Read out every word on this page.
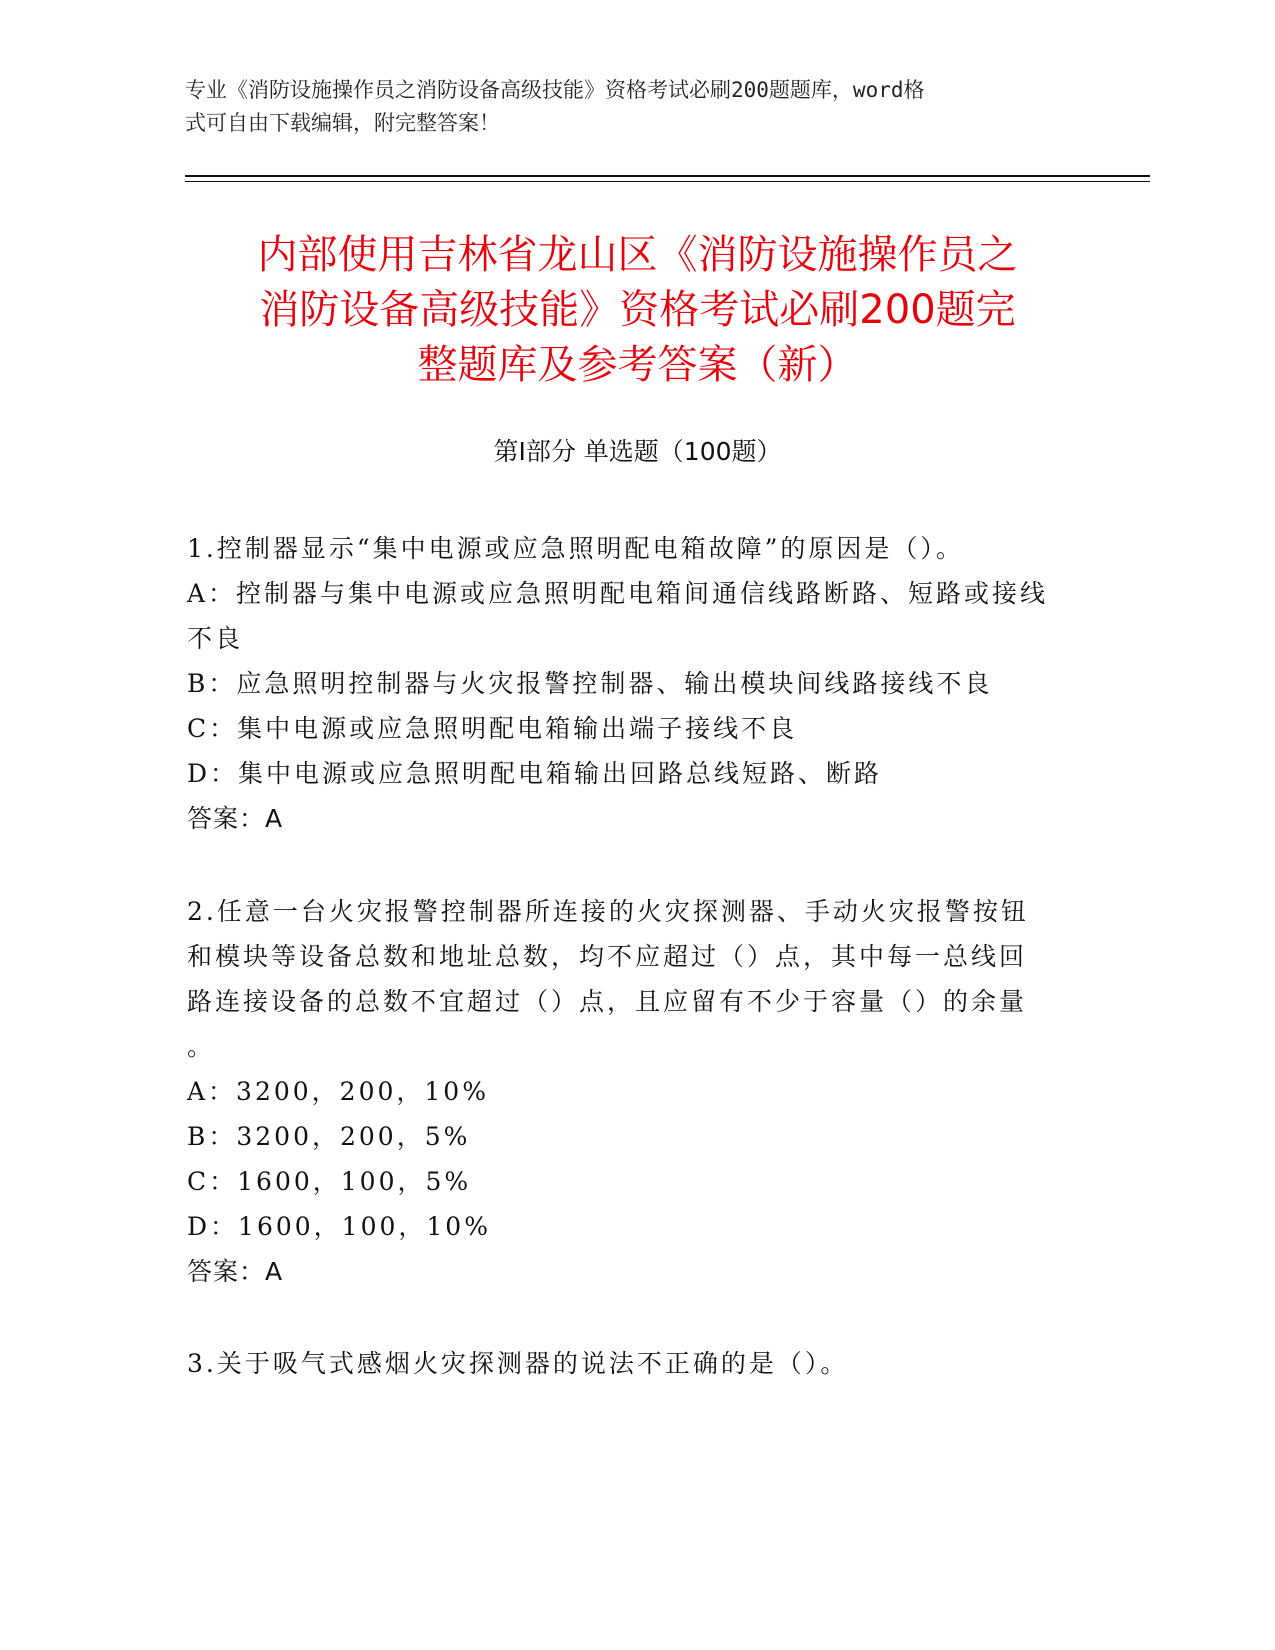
专业《消防设施操作员之消防设备高级技能》资格考试必刷200题题库，word格
式可自由下载编辑，附完整答案！
内部使用吉林省龙山区《消防设施操作员之
消防设备高级技能》资格考试必刷200题完
整题库及参考答案（新）
第I部分 单选题（100题）
1.控制器显示“集中电源或应急照明配电箱故障”的原因是（）。
A：控制器与集中电源或应急照明配电箱间通信线路断路、短路或接线
不良
B：应急照明控制器与火灾报警控制器、输出模块间线路接线不良
C：集中电源或应急照明配电箱输出端子接线不良
D：集中电源或应急照明配电箱输出回路总线短路、断路
答案：A
2.任意一台火灾报警控制器所连接的火灾探测器、手动火灾报警按钮
和模块等设备总数和地址总数，均不应超过（）点，其中每一总线回
路连接设备的总数不宜超过（）点，且应留有不少于容量（）的余量
。
A：3200，200，10%
B：3200，200，5%
C：1600，100，5%
D：1600，100，10%
答案：A
3.关于吸气式感烟火灾探测器的说法不正确的是（）。
